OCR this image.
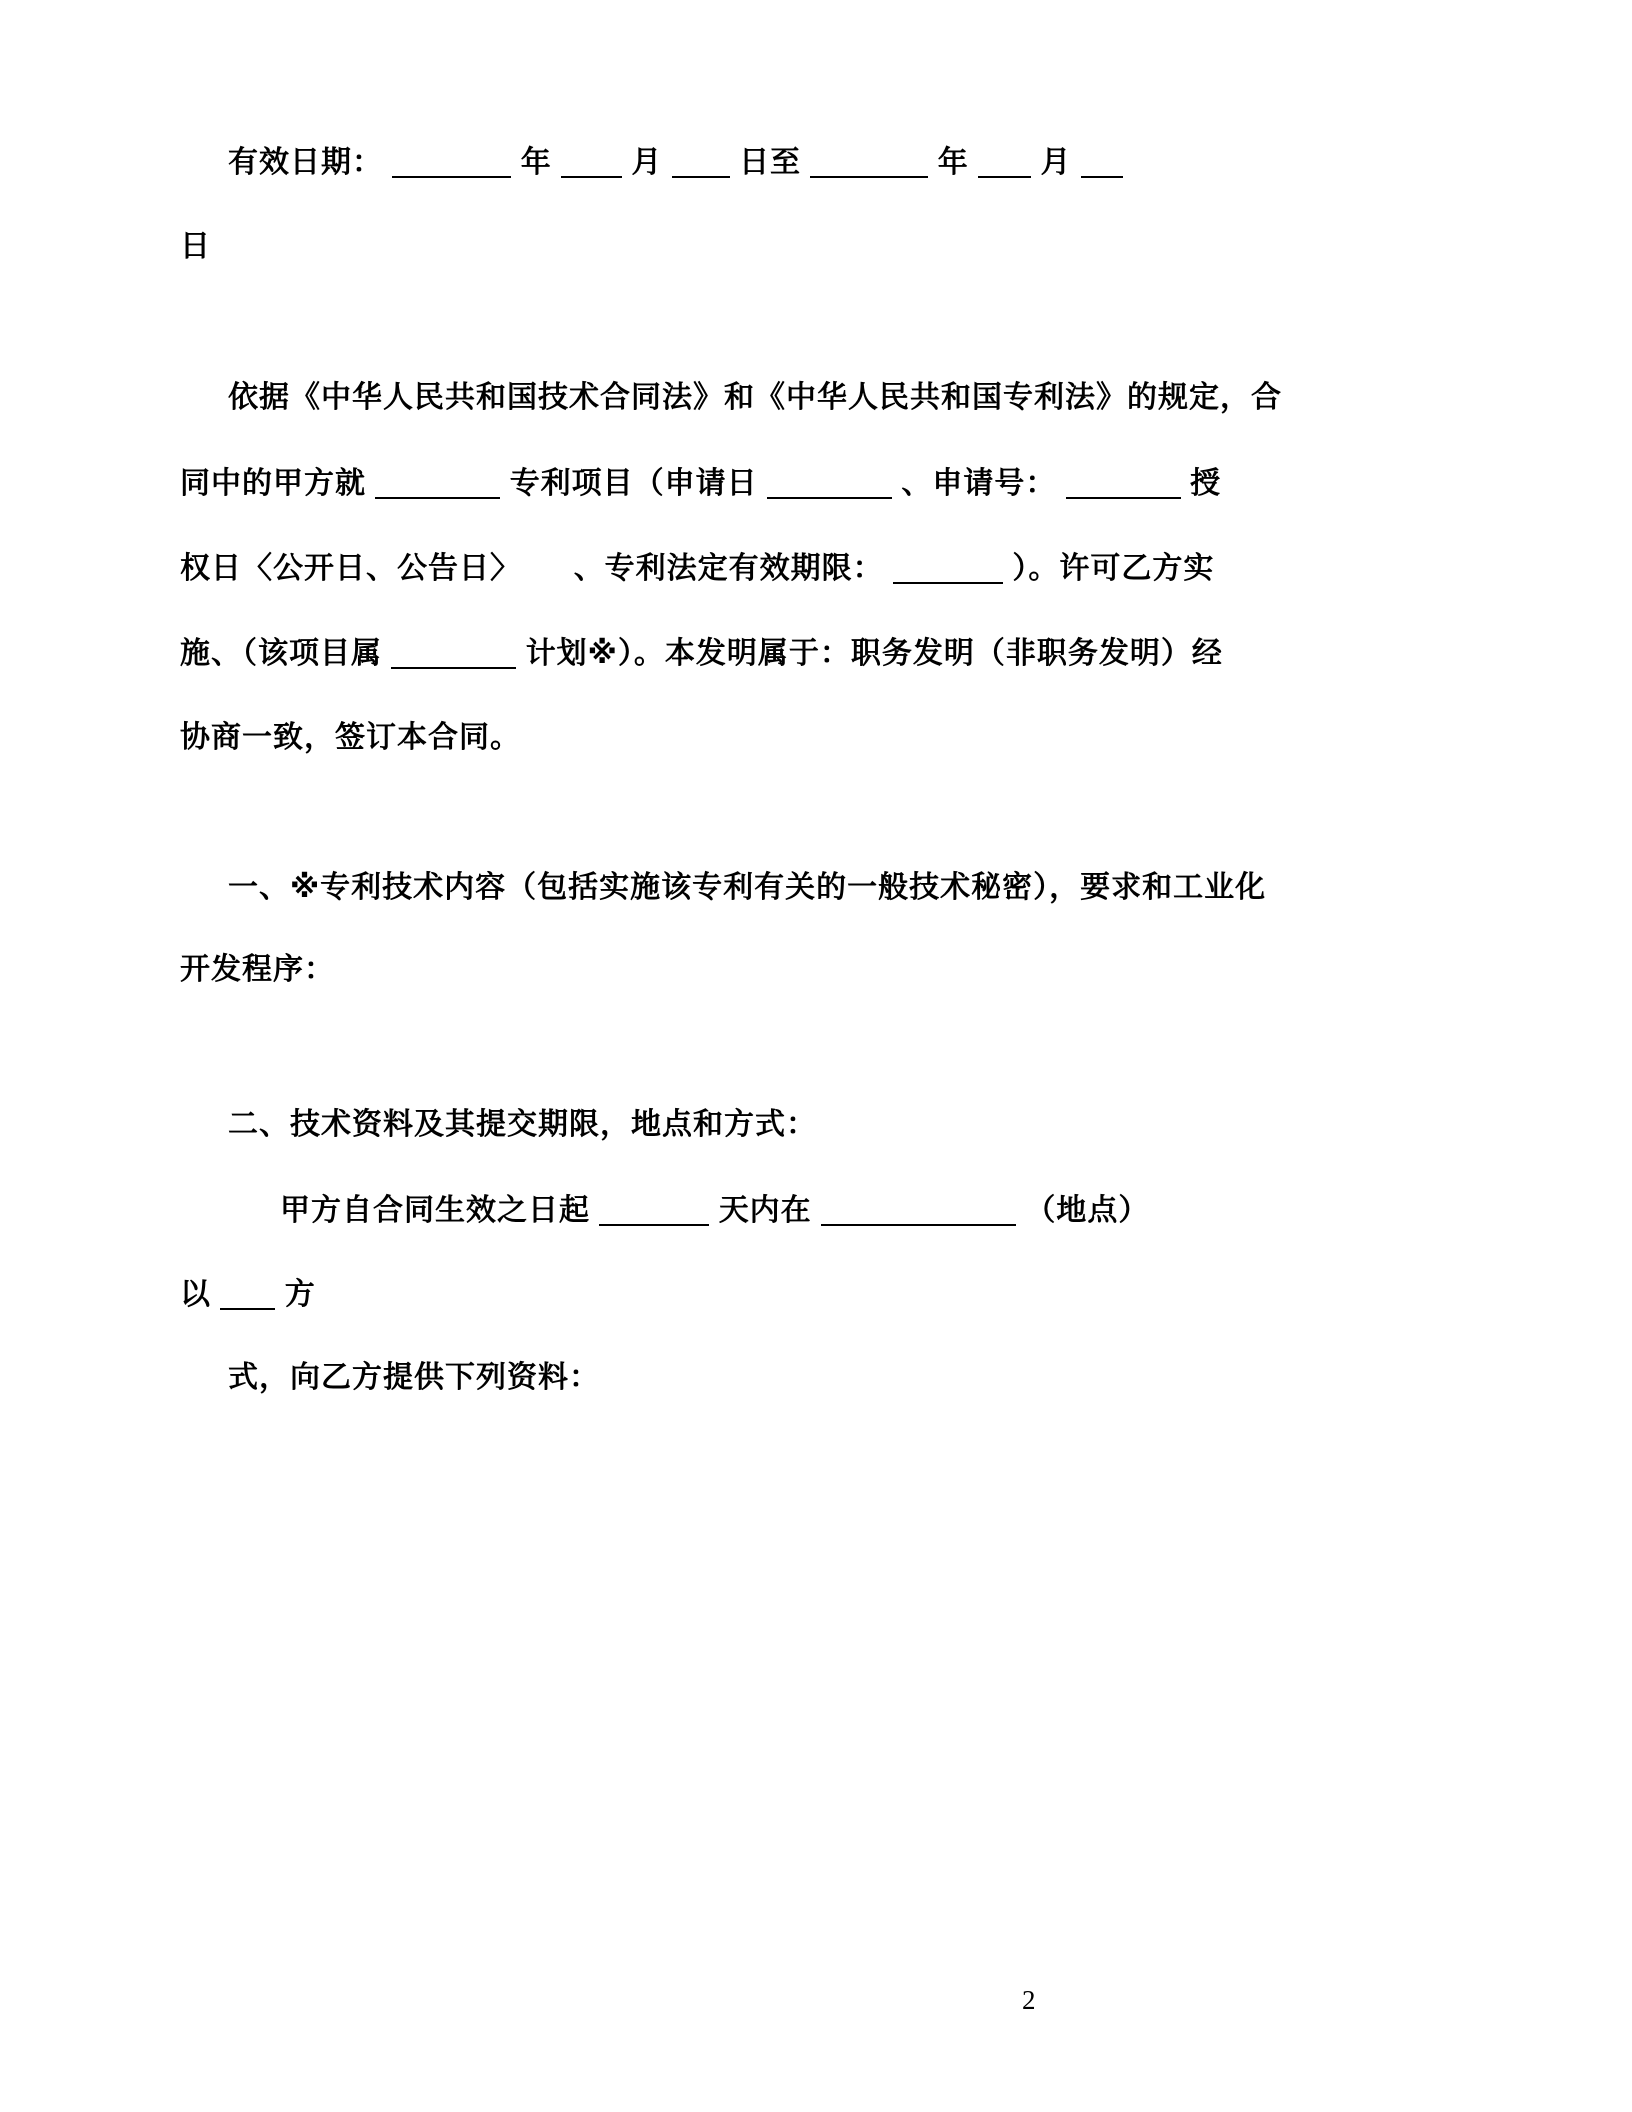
有效日期：	年	月	日至	年 月
日
依据《中华人民共和国技术合同法》和《中华人民共和国专利法》的规定，合
同中的甲方就	专利项目（申请日	、申请号：	授
权日〈公开日、公告日〉 、专利法定有效期限：	）。许可乙方实
施、（该项目属	计划※）。本发明属于：职务发明（非职务发明）经
协商一致，签订本合同。
一、※专利技术内容（包括实施该专利有关的一般技术秘密），要求和工业化
开发程序：
二、技术资料及其提交期限，地点和方式：
甲方自合同生效之日起	天内在	（地点）
以 方
式，向乙方提供下列资料：
2
